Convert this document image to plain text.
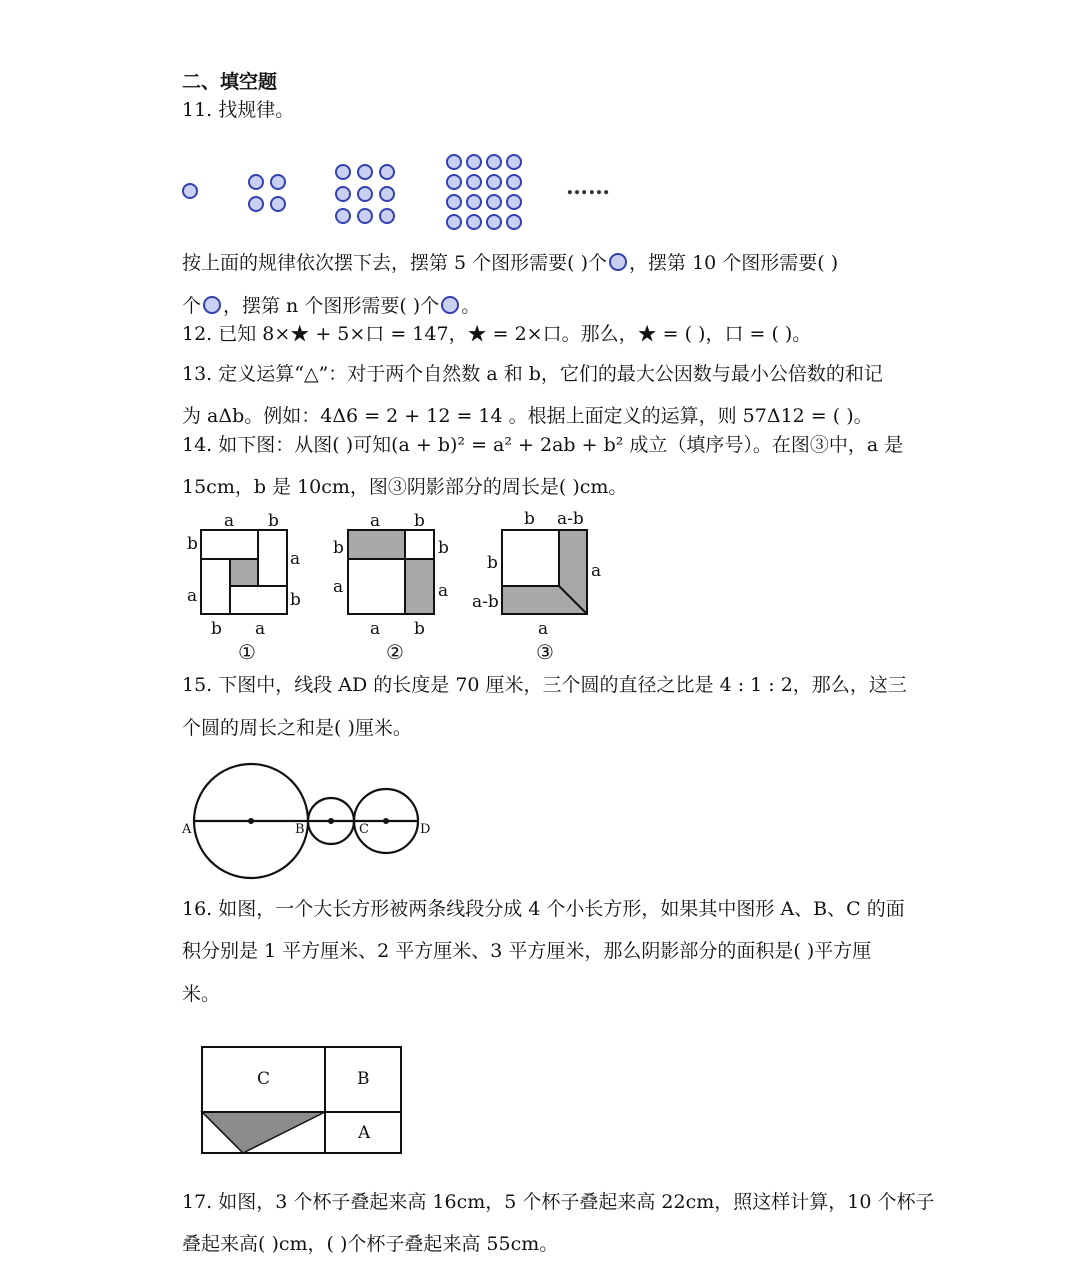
二、填空题
11. 找规律。
……
按上面的规律依次摆下去，摆第 5 个图形需要( )个 ，摆第 10 个图形需要( )
个 ，摆第 n 个图形需要( )个 。
12. 已知 8×★ + 5×口 = 147，★ = 2×口。那么，★ = ( )，口 = ( )。
13. 定义运算“△”：对于两个自然数 a 和 b，它们的最大公因数与最小公倍数的和记
为 aΔb。例如：4Δ6 = 2 + 12 = 14 。根据上面定义的运算，则 57Δ12 = ( )。
14. 如下图：从图( )可知(a + b)² = a² + 2ab + b² 成立（填序号）。在图③中，a 是
15cm，b 是 10cm，图③阴影部分的周长是( )cm。
a b
b
a
a
b
b a
①
a b
b
a
b
a
a b
②
b a-b
b
a-b
a
a
③
15. 下图中，线段 AD 的长度是 70 厘米，三个圆的直径之比是 4 : 1 : 2，那么，这三
个圆的周长之和是( )厘米。
A	B	C	D
16. 如图，一个大长方形被两条线段分成 4 个小长方形，如果其中图形 A、B、C 的面
积分别是 1 平方厘米、2 平方厘米、3 平方厘米，那么阴影部分的面积是( )平方厘
米。
C	B
A
17. 如图，3 个杯子叠起来高 16cm，5 个杯子叠起来高 22cm，照这样计算，10 个杯子
叠起来高( )cm，( )个杯子叠起来高 55cm。
